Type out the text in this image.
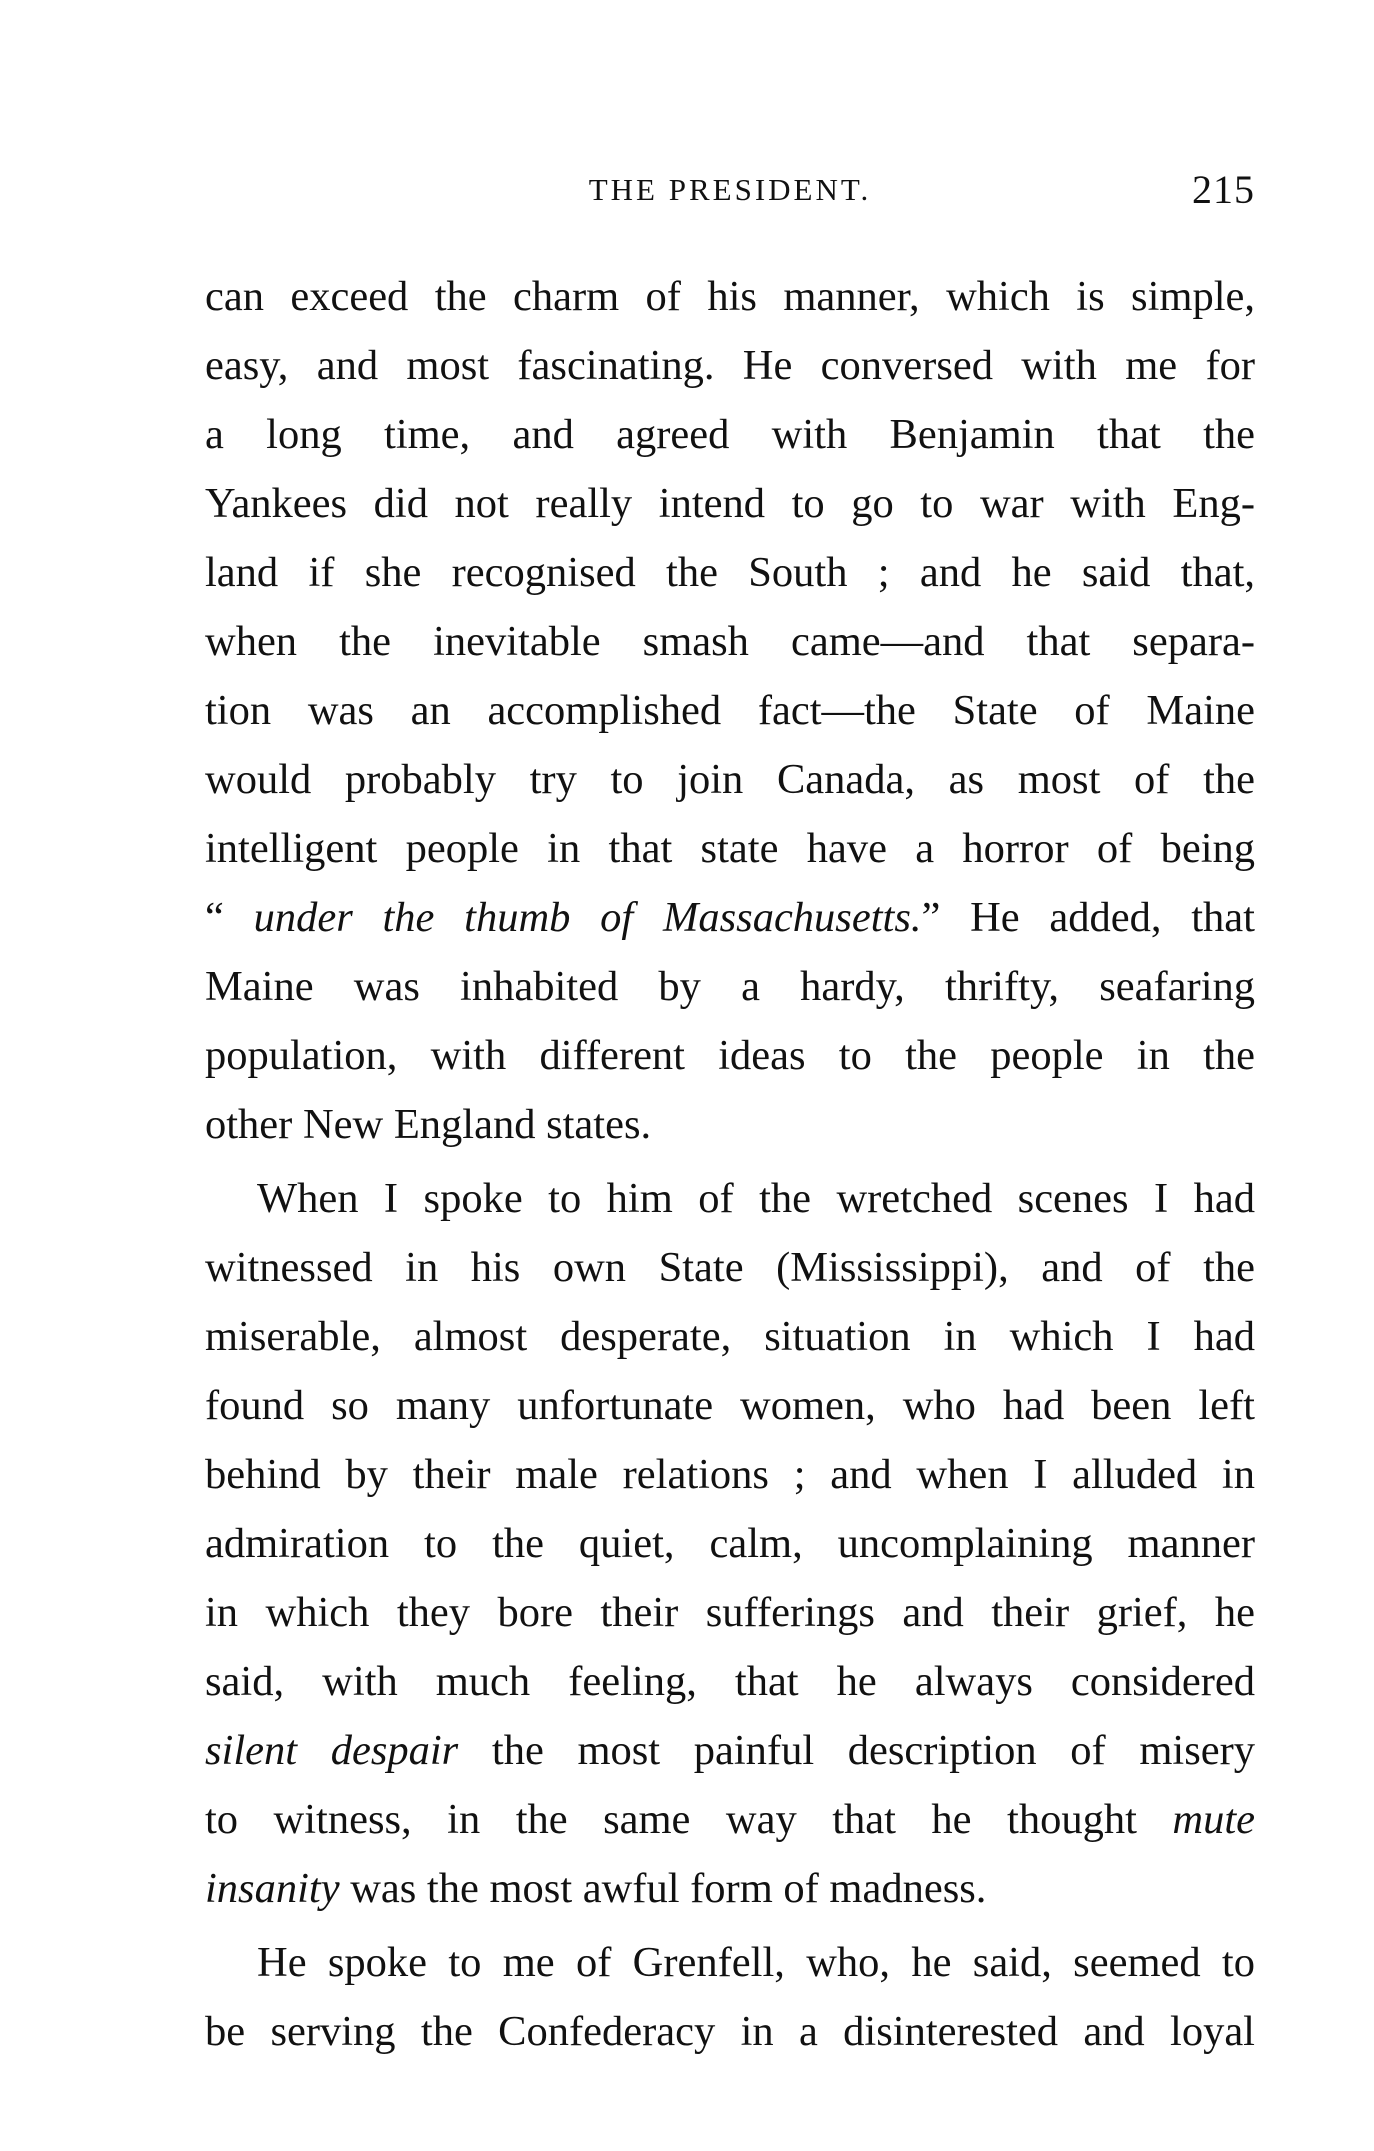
THE PRESIDENT.	215
can exceed the charm of his manner, which is simple,
easy, and most fascinating. He conversed with me for
a long time, and agreed with Benjamin that the
Yankees did not really intend to go to war with Eng-
land if she recognised the South ; and he said that,
when the inevitable smash came—and that separa-
tion was an accomplished fact—the State of Maine
would probably try to join Canada, as most of the
intelligent people in that state have a horror of being
“ under the thumb of Massachusetts.” He added, that
Maine was inhabited by a hardy, thrifty, seafaring
population, with different ideas to the people in the
other New England states.
When I spoke to him of the wretched scenes I had
witnessed in his own State (Mississippi), and of the
miserable, almost desperate, situation in which I had
found so many unfortunate women, who had been left
behind by their male relations ; and when I alluded in
admiration to the quiet, calm, uncomplaining manner
in which they bore their sufferings and their grief, he
said, with much feeling, that he always considered
silent despair the most painful description of misery
to witness, in the same way that he thought mute
insanity was the most awful form of madness.
He spoke to me of Grenfell, who, he said, seemed to
be serving the Confederacy in a disinterested and loyal
